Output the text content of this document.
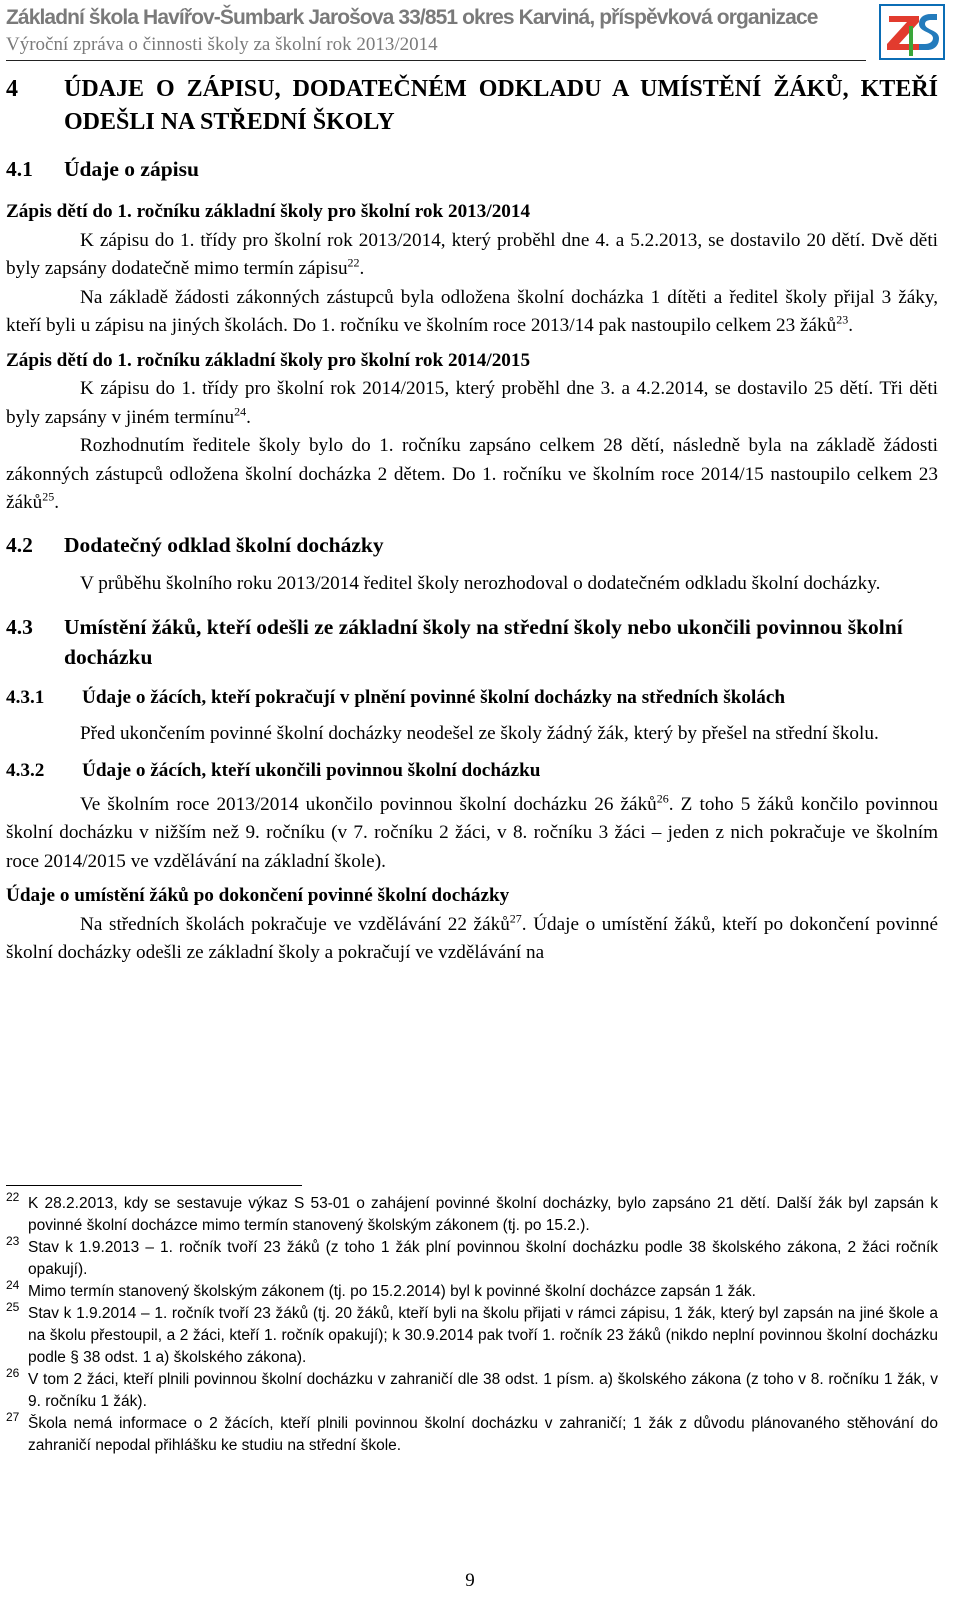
Základní škola Havířov-Šumbark Jarošova 33/851 okres Karviná, příspěvková organizace
Výroční zpráva o činnosti školy za školní rok 2013/2014
4	ÚDAJE O ZÁPISU, DODATEČNÉM ODKLADU A UMÍSTĚNÍ ŽÁKŮ, KTEŘÍ ODEŠLI NA STŘEDNÍ ŠKOLY
4.1	Údaje o zápisu

Zápis dětí do 1. ročníku základní školy pro školní rok 2013/2014

K zápisu do 1. třídy pro školní rok 2013/2014, který proběhl dne 4. a 5.2.2013, se dostavilo 20 dětí. Dvě děti byly zapsány dodatečně mimo termín zápisu$^{22}$.

Na základě žádosti zákonných zástupců byla odložena školní docházka 1 dítěti a ředitel školy přijal 3 žáky, kteří byli u zápisu na jiných školách. Do 1. ročníku ve školním roce 2013/14 pak nastoupilo celkem 23 žáků$^{23}$.

Zápis dětí do 1. ročníku základní školy pro školní rok 2014/2015

K zápisu do 1. třídy pro školní rok 2014/2015, který proběhl dne 3. a 4.2.2014, se dostavilo 25 dětí. Tři děti byly zapsány v jiném termínu$^{24}$.

Rozhodnutím ředitele školy bylo do 1. ročníku zapsáno celkem 28 dětí, následně byla na základě žádosti zákonných zástupců odložena školní docházka 2 dětem. Do 1. ročníku ve školním roce 2014/15 nastoupilo celkem 23 žáků$^{25}$.

4.2	Dodatečný odklad školní docházky

V průběhu školního roku 2013/2014 ředitel školy nerozhodoval o dodatečném odkladu školní docházky.

4.3	Umístění žáků, kteří odešli ze základní školy na střední školy nebo ukončili povinnou školní docházku
4.3.1	Údaje o žácích, kteří pokračují v plnění povinné školní docházky na středních školách

Před ukončením povinné školní docházky neodešel ze školy žádný žák, který by přešel na střední školu.

4.3.2	Údaje o žácích, kteří ukončili povinnou školní docházku

Ve školním roce 2013/2014 ukončilo povinnou školní docházku 26 žáků$^{26}$. Z toho 5 žáků končilo povinnou školní docházku v nižším než 9. ročníku (v 7. ročníku 2 žáci, v 8. ročníku 3 žáci – jeden z nich pokračuje ve školním roce 2014/2015 ve vzdělávání na základní škole).

Údaje o umístění žáků po dokončení povinné školní docházky

Na středních školách pokračuje ve vzdělávání 22 žáků$^{27}$. Údaje o umístění žáků, kteří po dokončení povinné školní docházky odešli ze základní školy a pokračují ve vzdělávání na

22 K 28.2.2013, kdy se sestavuje výkaz S 53-01 o zahájení povinné školní docházky, bylo zapsáno 21 dětí. Další žák byl zapsán k povinné školní docházce mimo termín stanovený školským zákonem (tj. po 15.2.).
23 Stav k 1.9.2013 – 1. ročník tvoří 23 žáků (z toho 1 žák plní povinnou školní docházku podle 38 školského zákona, 2 žáci ročník opakují).
24 Mimo termín stanovený školským zákonem (tj. po 15.2.2014) byl k povinné školní docházce zapsán 1 žák.
25 Stav k 1.9.2014 – 1. ročník tvoří 23 žáků (tj. 20 žáků, kteří byli na školu přijati v rámci zápisu, 1 žák, který byl zapsán na jiné škole a na školu přestoupil, a 2 žáci, kteří 1. ročník opakují); k 30.9.2014 pak tvoří 1. ročník 23 žáků (nikdo neplní povinnou školní docházku podle § 38 odst. 1 a) školského zákona).
26 V tom 2 žáci, kteří plnili povinnou školní docházku v zahraničí dle 38 odst. 1 písm. a) školského zákona (z toho v 8. ročníku 1 žák, v 9. ročníku 1 žák).
27 Škola nemá informace o 2 žácích, kteří plnili povinnou školní docházku v zahraničí; 1 žák z důvodu plánovaného stěhování do zahraničí nepodal přihlášku ke studiu na střední škole.
9
